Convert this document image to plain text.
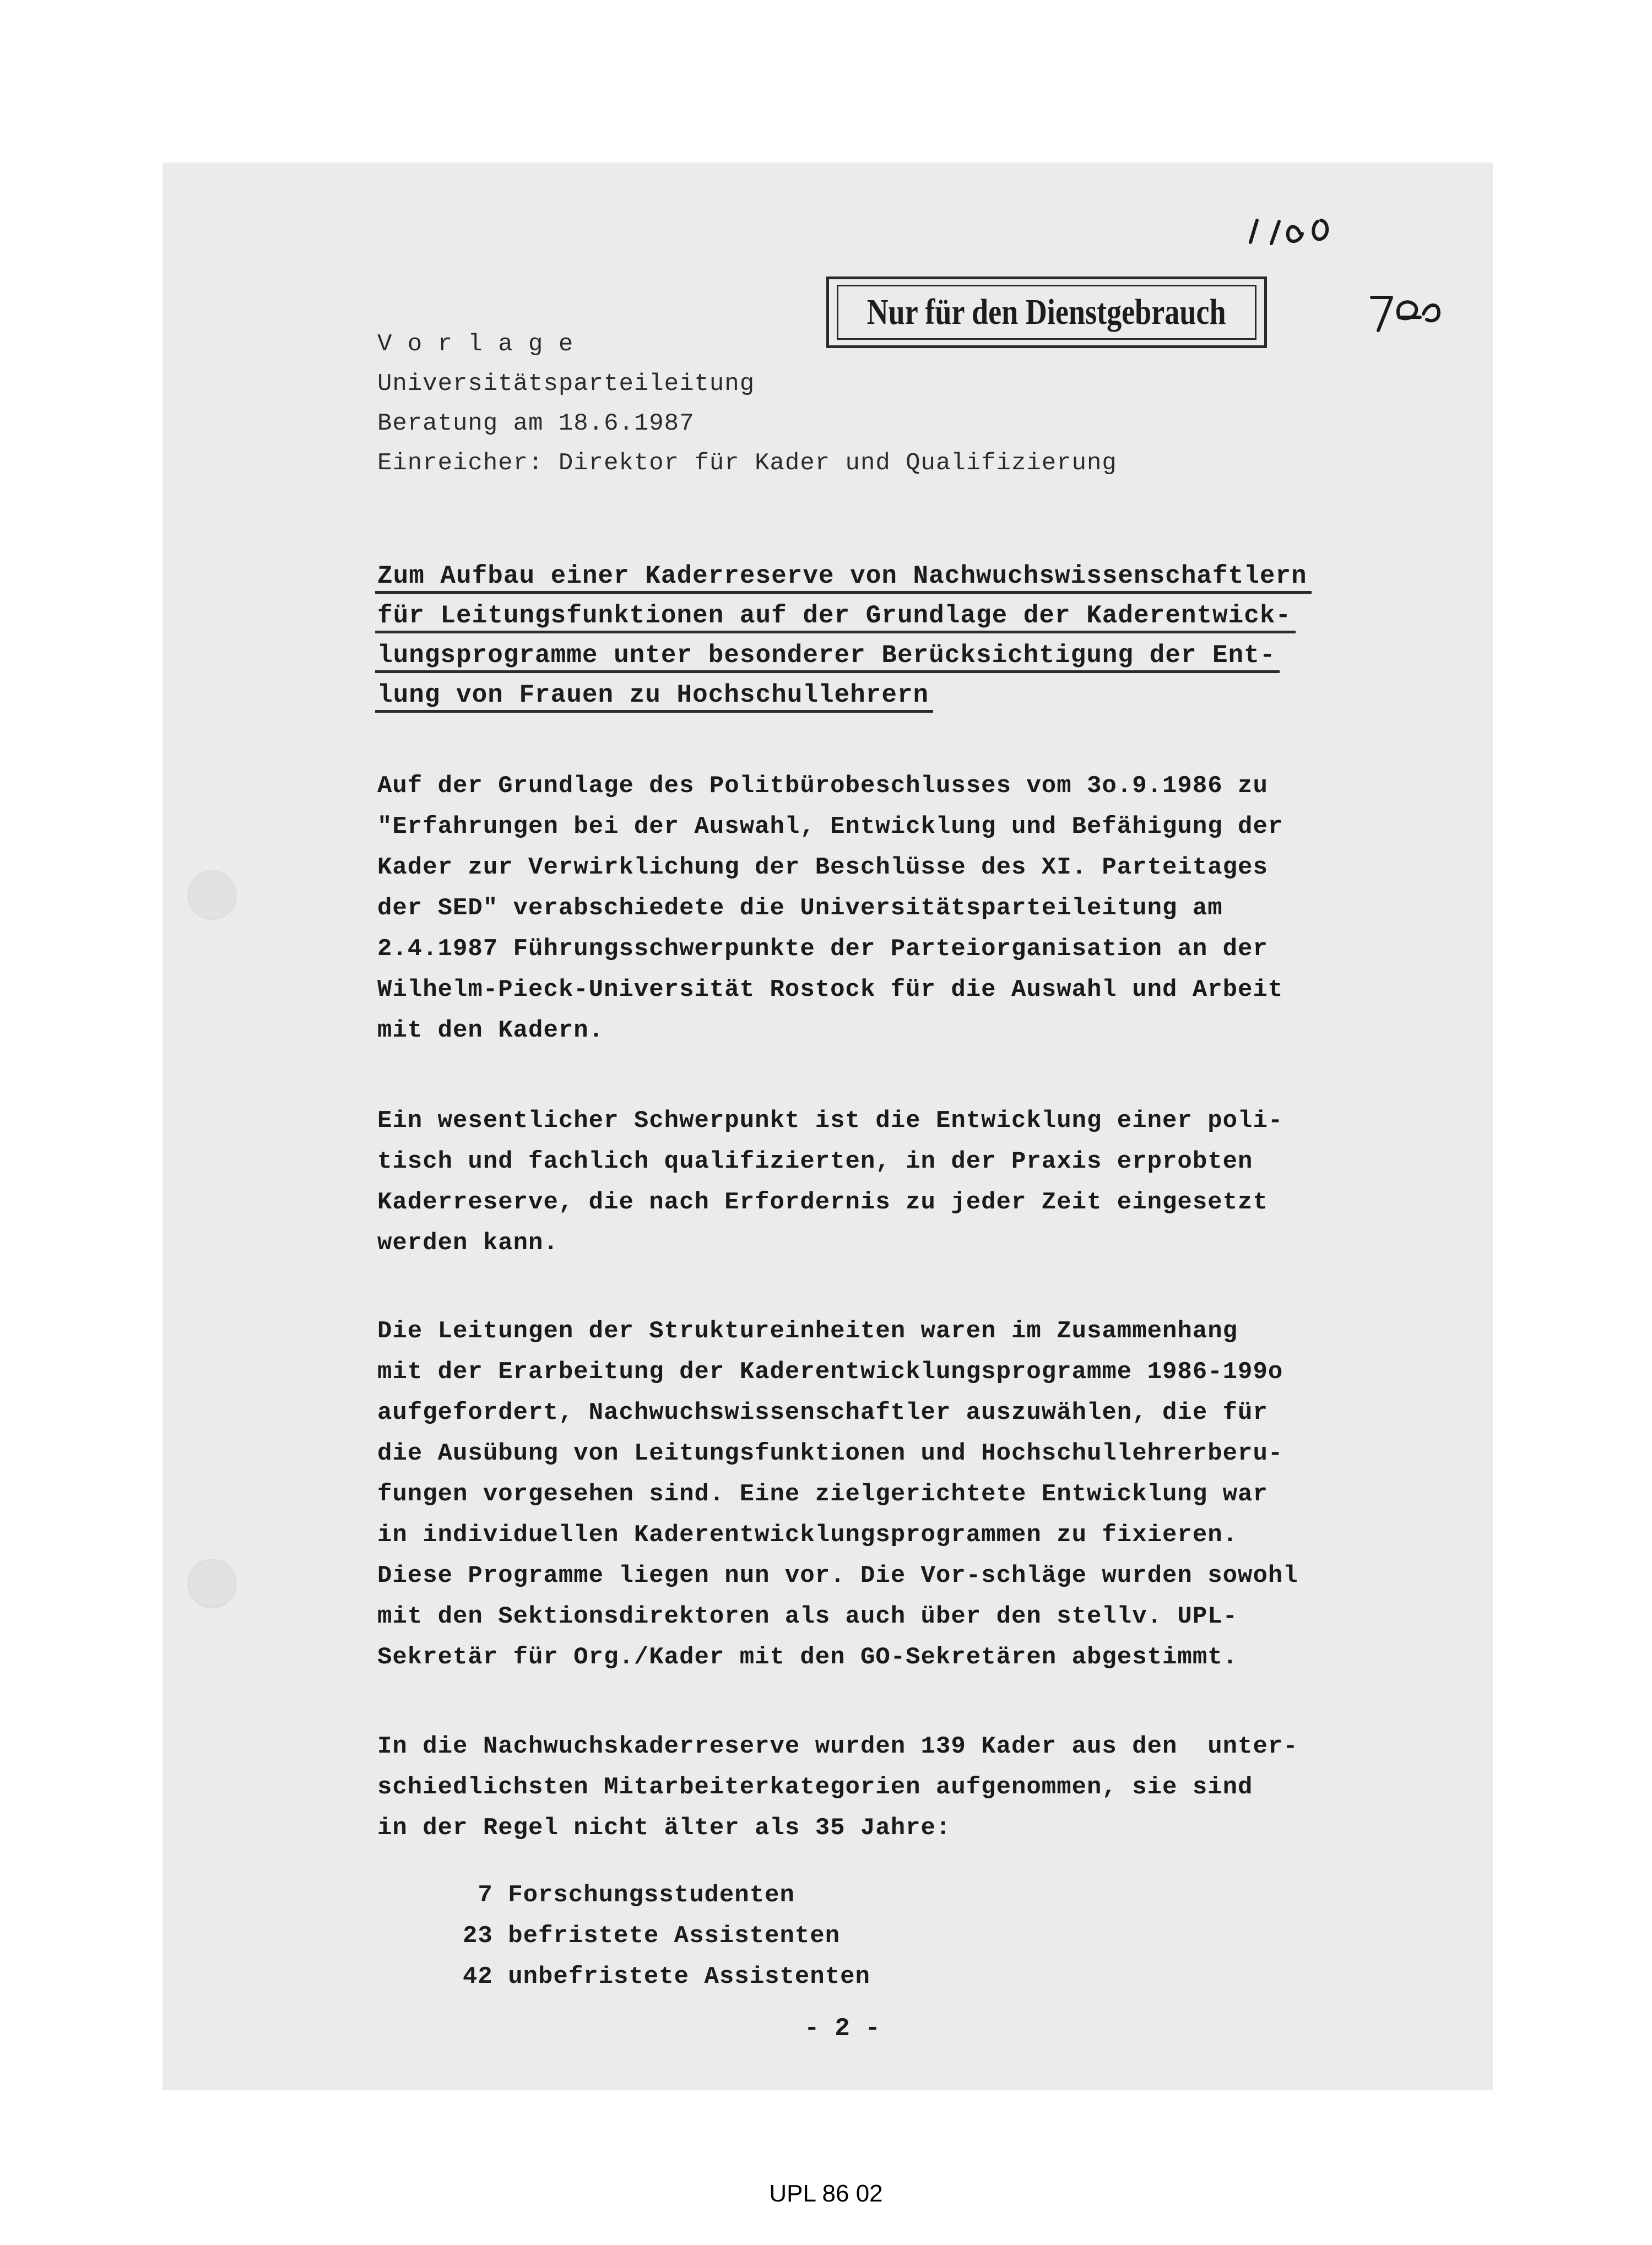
Nur für den Dienstgebrauch

V o r l a g e

Universitätsparteileitung

Beratung am 18.6.1987

Einreicher: Direktor für Kader und Qualifizierung

Zum Aufbau einer Kaderreserve von Nachwuchswissenschaftlern

für Leitungsfunktionen auf der Grundlage der Kaderentwick-

lungsprogramme unter besonderer Berücksichtigung der Ent-

lung von Frauen zu Hochschullehrern

Auf der Grundlage des Politbürobeschlusses vom 3o.9.1986 zu

"Erfahrungen bei der Auswahl, Entwicklung und Befähigung der

Kader zur Verwirklichung der Beschlüsse des XI. Parteitages

der SED" verabschiedete die Universitätsparteileitung am

2.4.1987 Führungsschwerpunkte der Parteiorganisation an der

Wilhelm-Pieck-Universität Rostock für die Auswahl und Arbeit

mit den Kadern.

Ein wesentlicher Schwerpunkt ist die Entwicklung einer poli-

tisch und fachlich qualifizierten, in der Praxis erprobten

Kaderreserve, die nach Erfordernis zu jeder Zeit eingesetzt

werden kann.

Die Leitungen der Struktureinheiten waren im Zusammenhang

mit der Erarbeitung der Kaderentwicklungsprogramme 1986-199o

aufgefordert, Nachwuchswissenschaftler auszuwählen, die für

die Ausübung von Leitungsfunktionen und Hochschullehrerberu-

fungen vorgesehen sind. Eine zielgerichtete Entwicklung war

in individuellen Kaderentwicklungsprogrammen zu fixieren.

Diese Programme liegen nun vor. Die Vor-schläge wurden sowohl

mit den Sektionsdirektoren als auch über den stellv. UPL-

Sekretär für Org./Kader mit den GO-Sekretären abgestimmt.

In die Nachwuchskaderreserve wurden 139 Kader aus den  unter-

schiedlichsten Mitarbeiterkategorien aufgenommen, sie sind

in der Regel nicht älter als 35 Jahre:

7 Forschungsstudenten

23 befristete Assistenten

42 unbefristete Assistenten

- 2 -
UPL 86 02
